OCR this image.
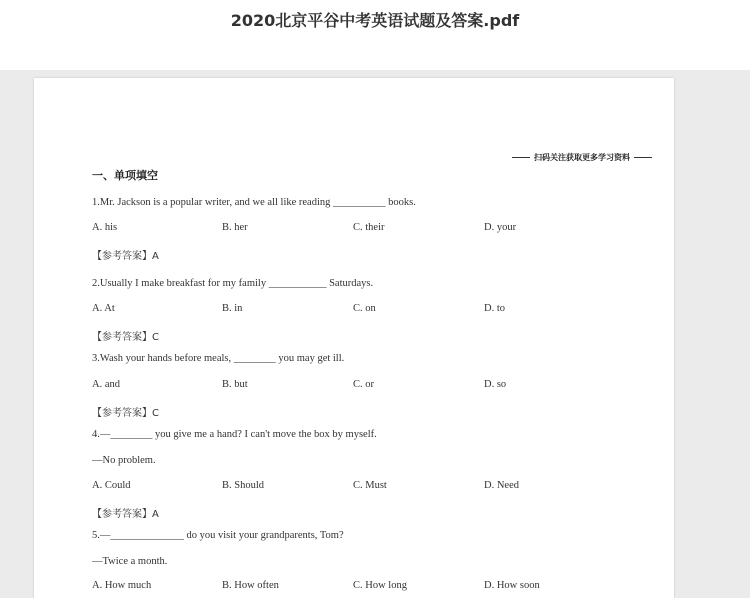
2020北京平谷中考英语试题及答案.pdf
扫码关注获取更多学习资料
一、单项填空
1.Mr. Jackson is a popular writer, and we all like reading __________ books.
A. his	B. her	C. their	D. your
【参考答案】A
2.Usually I make breakfast for my family ___________ Saturdays.
A. At	B. in	C. on	D. to
【参考答案】C
3.Wash your hands before meals, ________ you may get ill.
A. and	B. but	C. or	D. so
【参考答案】C
4.—________ you give me a hand? I can't move the box by myself.
—No problem.
A. Could	B. Should	C. Must	D. Need
【参考答案】A
5.—______________ do you visit your grandparents, Tom?
—Twice a month.
A. How much	B. How often	C. How long	D. How soon
